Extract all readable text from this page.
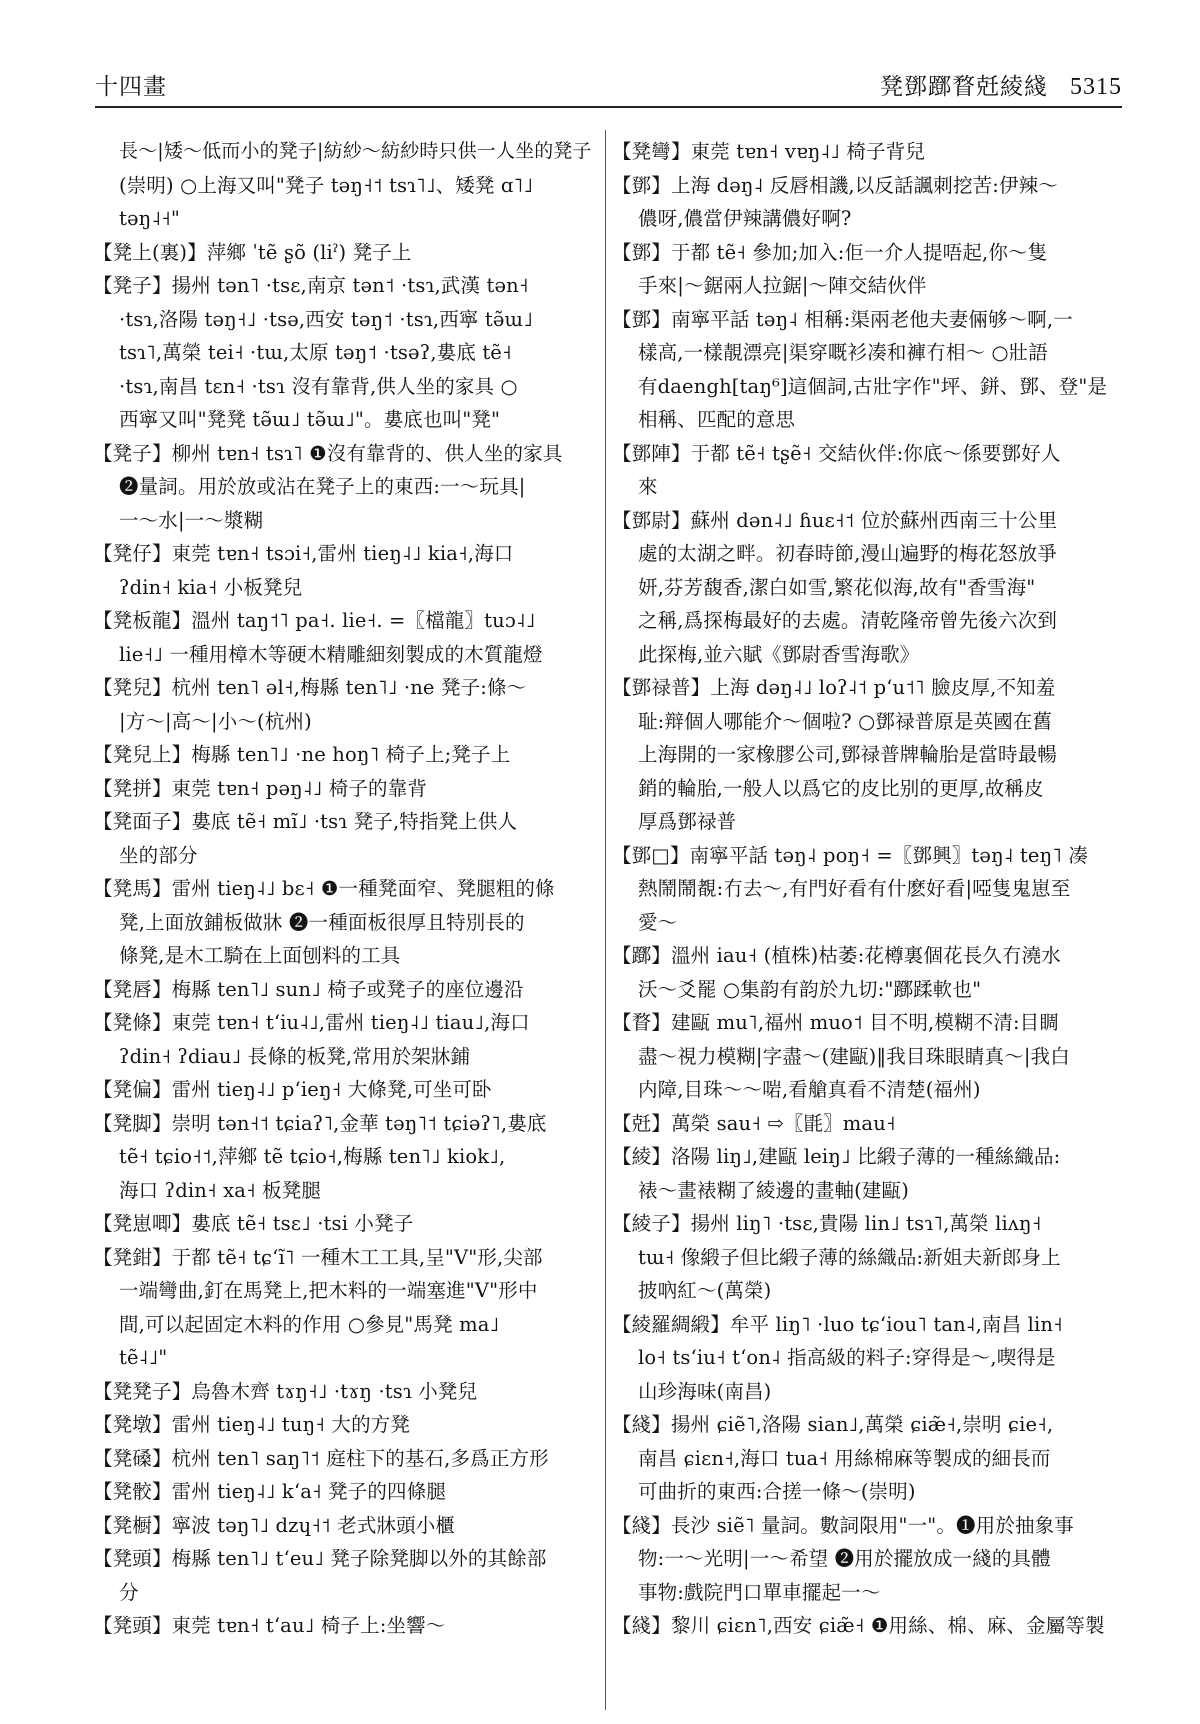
十四畫	凳鄧䠬瞀兛綾綫 5315
長～|矮～低而小的凳子|紡紗～紡紗時只供一人坐的凳子
(崇明) ○上海又叫"凳子 təŋ˧˦ tsɿ˥˩、矮凳 ɑ˥˩
təŋ˨˧"
【凳上(裏)】萍鄉 ˈtẽ ʂõ (liˀ) 凳子上
【凳子】揚州 tən˥ ·tsɛ,南京 tən˦ ·tsɿ,武漢 tən˧
·tsɿ,洛陽 təŋ˧˩ ·tsə,西安 təŋ˦ ·tsɿ,西寧 tə̃ɯ˩
tsɿ˥,萬榮 tei˧ ·tɯ,太原 təŋ˦ ·tsəʔ,婁底 tẽ˧
·tsɿ,南昌 tɛn˧ ·tsɿ 沒有靠背,供人坐的家具 ○
西寧又叫"凳凳 tə̃ɯ˩ tə̃ɯ˩"。婁底也叫"凳"
【凳子】柳州 tɐn˧ tsɿ˥ ❶沒有靠背的、供人坐的家具
❷量詞。用於放或沾在凳子上的東西:一～玩具|
一～水|一～漿糊
【凳仔】東莞 tɐn˧ tsɔi˧,雷州 tieŋ˨˩ kia˧,海口
ʔdin˧ kia˧ 小板凳兒
【凳板龍】溫州 taŋ˦˥ pa˧. lie˧. =〖檔龍〗tuɔ˨˩
lie˧˩ 一種用樟木等硬木精雕細刻製成的木質龍燈
【凳兒】杭州 ten˥ əl˧,梅縣 ten˥˩ ·ne 凳子:條～
|方～|高～|小～(杭州)
【凳兒上】梅縣 ten˥˩ ·ne hoŋ˥ 椅子上;凳子上
【凳拼】東莞 tɐn˧ pəŋ˨˩ 椅子的靠背
【凳面子】婁底 tẽ˧ mĩ˩ ·tsɿ 凳子,特指凳上供人
坐的部分
【凳馬】雷州 tieŋ˨˩ bɛ˧ ❶一種凳面窄、凳腿粗的條
凳,上面放鋪板做牀 ❷一種面板很厚且特別長的
條凳,是木工騎在上面刨料的工具
【凳唇】梅縣 ten˥˩ sun˩ 椅子或凳子的座位邊沿
【凳條】東莞 tɐn˧ tʻiu˨˩,雷州 tieŋ˨˩ tiau˩,海口
ʔdin˧ ʔdiau˩ 長條的板凳,常用於架牀鋪
【凳偏】雷州 tieŋ˨˩ pʻieŋ˧ 大條凳,可坐可卧
【凳脚】崇明 tən˧˦ tɕiaʔ˥,金華 təŋ˥˦ tɕiəʔ˥,婁底
tẽ˧ tɕio˧˦,萍鄉 tẽ tɕio˧,梅縣 ten˥˩ kiok˩,
海口 ʔdin˧ xa˧ 板凳腿
【凳崽唧】婁底 tẽ˧ tsɛ˩ ·tsi 小凳子
【凳鉗】于都 tẽ˧ tɕʻĩ˥ 一種木工工具,呈"V"形,尖部
一端彎曲,釘在馬凳上,把木料的一端塞進"V"形中
間,可以起固定木料的作用 ○參見"馬凳 ma˩
tẽ˨˩"
【凳凳子】烏魯木齊 tɤŋ˧˩ ·tɤŋ ·tsɿ 小凳兒
【凳墩】雷州 tieŋ˨˩ tuŋ˧ 大的方凳
【凳磉】杭州 ten˥ saŋ˥˦ 庭柱下的基石,多爲正方形
【凳骹】雷州 tieŋ˨˩ kʻa˧ 凳子的四條腿
【凳橱】寧波 təŋ˥˩ dzɥ˧˦ 老式牀頭小櫃
【凳頭】梅縣 ten˥˩ tʻeu˩ 凳子除凳脚以外的其餘部
分
【凳頭】東莞 tɐn˧ tʻau˩ 椅子上:坐響～
【凳彎】東莞 tɐn˧ vɐŋ˨˩ 椅子背兒
【鄧】上海 dəŋ˨ 反唇相譏,以反話諷刺挖苦:伊辣～
儂呀,儂當伊辣講儂好啊?
【鄧】于都 tẽ˧ 參加;加入:佢一介人提唔起,你～隻
手來|～鋸兩人拉鋸|～陣交結伙伴
【鄧】南寧平話 təŋ˨ 相稱:渠兩老他夫妻倆够～啊,一
樣高,一樣靚漂亮|渠穿嘅衫凑和褲冇相～ ○壯語
有daengh[taŋ⁶]這個詞,古壯字作"坪、鉼、鄧、登"是
相稱、匹配的意思
【鄧陣】于都 tẽ˧ tʂẽ˧ 交結伙伴:你底～係要鄧好人
來
【鄧尉】蘇州 dən˨˩ ɦuɛ˧˦ 位於蘇州西南三十公里
處的太湖之畔。初春時節,漫山遍野的梅花怒放爭
妍,芬芳馥香,潔白如雪,繁花似海,故有"香雪海"
之稱,爲探梅最好的去處。清乾隆帝曾先後六次到
此探梅,並六賦《鄧尉香雪海歌》
【鄧禄普】上海 dəŋ˨˩ loʔ˨˦ pʻu˦˥ 臉皮厚,不知羞
耻:辩個人哪能介～個啦? ○鄧禄普原是英國在舊
上海開的一家橡膠公司,鄧禄普牌輪胎是當時最暢
銷的輪胎,一般人以爲它的皮比别的更厚,故稱皮
厚爲鄧禄普
【鄧□】南寧平話 təŋ˨ poŋ˧ =〖鄧興〗təŋ˨ teŋ˥ 凑
熱鬧鬧覩:冇去～,有門好看有什麽好看|啞隻鬼崽至
愛～
【䠬】溫州 iau˧ (植株)枯萎:花樽裏個花長久冇澆水
沃～爻罷 ○集韵有韵於九切:"䠬蹂軟也"
【瞀】建甌 mu˥,福州 muo˦ 目不明,模糊不清:目睭
盡～視力模糊|字盡～(建甌)‖我目珠眼睛真～|我白
内障,目珠～～啱,看艙真看不清楚(福州)
【兛】萬榮 sau˧ ⇨〖毷〗mau˧
【綾】洛陽 liŋ˩,建甌 leiŋ˩ 比緞子薄的一種絲織品:
裱～畫裱糊了綾邊的畫軸(建甌)
【綾子】揚州 liŋ˥ ·tsɛ,貴陽 lin˩ tsɿ˥,萬榮 liʌŋ˧
tɯ˧ 像緞子但比緞子薄的絲織品:新姐夫新郎身上
披吶紅～(萬榮)
【綾羅綢緞】牟平 liŋ˥ ·luo tɕʻiou˥ tan˨,南昌 lin˧
lo˧ tsʻiu˧ tʻon˨ 指高級的料子:穿得是～,喫得是
山珍海味(南昌)
【綫】揚州 ɕiẽ˥,洛陽 sian˩,萬榮 ɕiæ̃˧,崇明 ɕie˧,
南昌 ɕiɛn˧,海口 tua˧ 用絲棉麻等製成的細長而
可曲折的東西:合搓一條～(崇明)
【綫】長沙 siẽ˥ 量詞。數詞限用"一"。❶用於抽象事
物:一～光明|一～希望 ❷用於擺放成一綫的具體
事物:戲院門口單車擺起一～
【綫】黎川 ɕiɛn˥,西安 ɕiæ̃˧ ❶用絲、棉、麻、金屬等製
